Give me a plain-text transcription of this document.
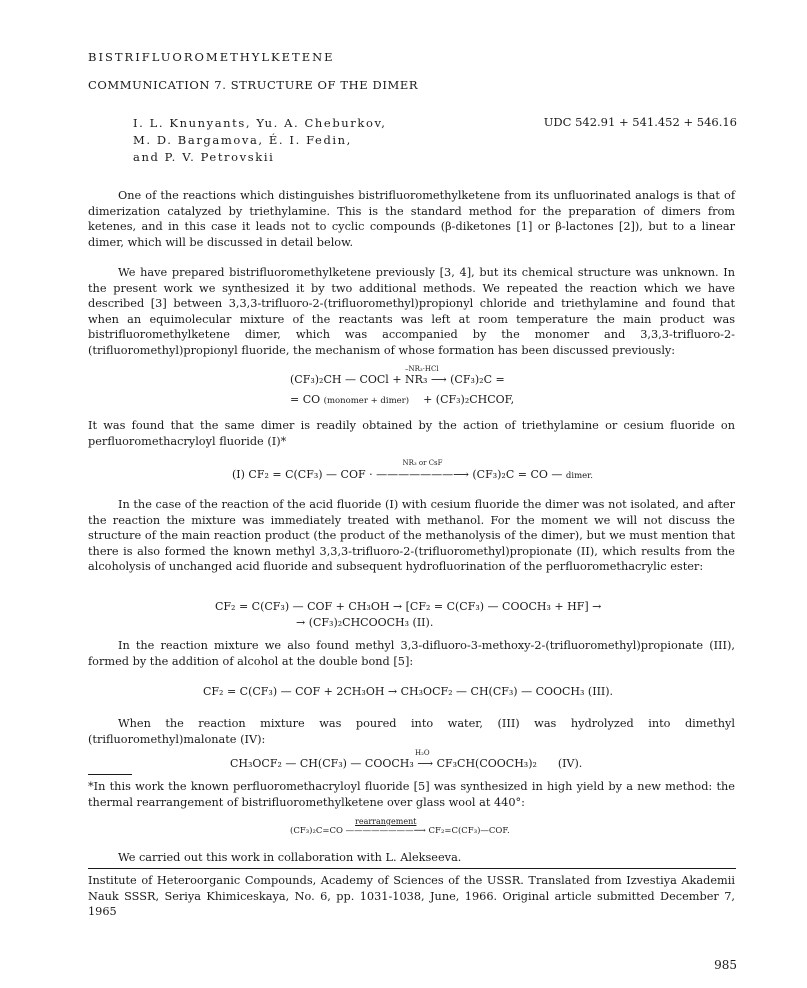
BISTRIFLUOROMETHYLKETENE
COMMUNICATION 7. STRUCTURE OF THE DIMER
I. L. Knunyants, Yu. A. Cheburkov,
M. D. Bargamova, É. I. Fedin,
and P. V. Petrovskii
UDC 542.91 + 541.452 + 546.16

One of the reactions which distinguishes bistrifluoromethylketene from its unfluorinated analogs is that of dimerization catalyzed by triethylamine. This is the standard method for the preparation of dimers from ketenes, and in this case it leads not to cyclic compounds (β-diketones [1] or β-lactones [2]), but to a linear dimer, which will be discussed in detail below.

We have prepared bistrifluoromethylketene previously [3, 4], but its chemical structure was unknown. In the present work we synthesized it by two additional methods. We repeated the reaction which we have described [3] between 3,3,3-trifluoro-2-(trifluoromethyl)propionyl chloride and triethylamine and found that when an equimolecular mixture of the reactants was left at room temperature the main product was bistrifluoromethylketene dimer, which was accompanied by the monomer and 3,3,3-trifluoro-2-(trifluoromethyl)propionyl fluoride, the mechanism of whose formation has been discussed previously:

–NR₃·HCl
(CF₃)₂CH — COCl + NR₃ ⟶ (CF₃)₂C =
= CO (monomer + dimer) + (CF₃)₂CHCOF,

It was found that the same dimer is readily obtained by the action of triethylamine or cesium fluoride on perfluoromethacryloyl fluoride (I)*

(I) CF₂ = C(CF₃) — COF ·
NR₃ or CsF
———————⟶ (CF₃)₂C = CO — dimer.

In the case of the reaction of the acid fluoride (I) with cesium fluoride the dimer was not isolated, and after the reaction the mixture was immediately treated with methanol. For the moment we will not discuss the structure of the main reaction product (the product of the methanolysis of the dimer), but we must mention that there is also formed the known methyl 3,3,3-trifluoro-2-(trifluoromethyl)propionate (II), which results from the alcoholysis of unchanged acid fluoride and subsequent hydrofluorination of the perfluoromethacrylic ester:

CF₂ = C(CF₃) — COF + CH₃OH → [CF₂ = C(CF₃) — COOCH₃ + HF] →
→ (CF₃)₂CHCOOCH₃ (II).

In the reaction mixture we also found methyl 3,3-difluoro-3-methoxy-2-(trifluoromethyl)propionate (III), formed by the addition of alcohol at the double bond [5]:

CF₂ = C(CF₃) — COF + 2CH₃OH → CH₃OCF₂ — CH(CF₃) — COOCH₃ (III).

When the reaction mixture was poured into water, (III) was hydrolyzed into dimethyl (trifluoromethyl)malonate (IV):

H₂O
CH₃OCF₂ — CH(CF₃) — COOCH₃ ⟶ CF₃CH(COOCH₃)₂ (IV).

*In this work the known perfluoromethacryloyl fluoride [5] was synthesized in high yield by a new method: the thermal rearrangement of bistrifluoromethylketene over glass wool at 440°:

(CF₃)₂C=CO
rearrangement
————————⟶ CF₂=C(CF₃)—COF.

We carried out this work in collaboration with L. Alekseeva.

Institute of Heteroorganic Compounds, Academy of Sciences of the USSR. Translated from Izvestiya Akademii Nauk SSSR, Seriya Khimiceskaya, No. 6, pp. 1031-1038, June, 1966. Original article submitted December 7, 1965

985
